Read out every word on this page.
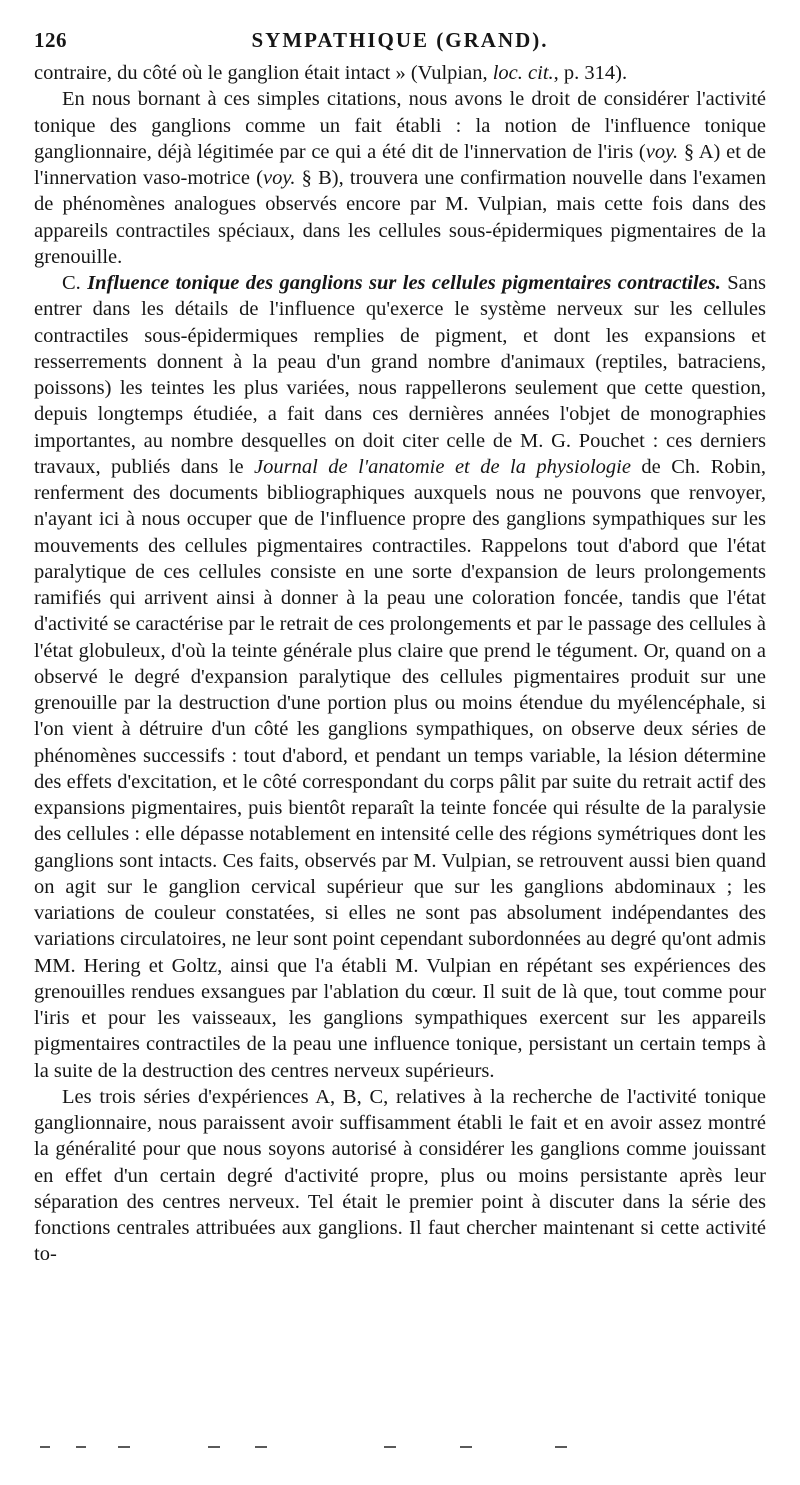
126	SYMPATHIQUE (GRAND).

contraire, du côté où le ganglion était intact » (Vulpian, loc. cit., p. 314).

En nous bornant à ces simples citations, nous avons le droit de considérer l'activité tonique des ganglions comme un fait établi : la notion de l'influence tonique ganglionnaire, déjà légitimée par ce qui a été dit de l'innervation de l'iris (voy. § A) et de l'innervation vaso-motrice (voy. § B), trouvera une confirmation nouvelle dans l'examen de phénomènes analogues observés encore par M. Vulpian, mais cette fois dans des appareils contractiles spéciaux, dans les cellules sous-épidermiques pigmentaires de la grenouille.

C. Influence tonique des ganglions sur les cellules pigmentaires contractiles. Sans entrer dans les détails de l'influence qu'exerce le système nerveux sur les cellules contractiles sous-épidermiques remplies de pigment, et dont les expansions et resserrements donnent à la peau d'un grand nombre d'animaux (reptiles, batraciens, poissons) les teintes les plus variées, nous rappellerons seulement que cette question, depuis longtemps étudiée, a fait dans ces dernières années l'objet de monographies importantes, au nombre desquelles on doit citer celle de M. G. Pouchet : ces derniers travaux, publiés dans le Journal de l'anatomie et de la physiologie de Ch. Robin, renferment des documents bibliographiques auxquels nous ne pouvons que renvoyer, n'ayant ici à nous occuper que de l'influence propre des ganglions sympathiques sur les mouvements des cellules pigmentaires contractiles. Rappelons tout d'abord que l'état paralytique de ces cellules consiste en une sorte d'expansion de leurs prolongements ramifiés qui arrivent ainsi à donner à la peau une coloration foncée, tandis que l'état d'activité se caractérise par le retrait de ces prolongements et par le passage des cellules à l'état globuleux, d'où la teinte générale plus claire que prend le tégument. Or, quand on a observé le degré d'expansion paralytique des cellules pigmentaires produit sur une grenouille par la destruction d'une portion plus ou moins étendue du myélencéphale, si l'on vient à détruire d'un côté les ganglions sympathiques, on observe deux séries de phénomènes successifs : tout d'abord, et pendant un temps variable, la lésion détermine des effets d'excitation, et le côté correspondant du corps pâlit par suite du retrait actif des expansions pigmentaires, puis bientôt reparaît la teinte foncée qui résulte de la paralysie des cellules : elle dépasse notablement en intensité celle des régions symétriques dont les ganglions sont intacts. Ces faits, observés par M. Vulpian, se retrouvent aussi bien quand on agit sur le ganglion cervical supérieur que sur les ganglions abdominaux ; les variations de couleur constatées, si elles ne sont pas absolument indépendantes des variations circulatoires, ne leur sont point cependant subordonnées au degré qu'ont admis MM. Hering et Goltz, ainsi que l'a établi M. Vulpian en répétant ses expériences des grenouilles rendues exsangues par l'ablation du cœur. Il suit de là que, tout comme pour l'iris et pour les vaisseaux, les ganglions sympathiques exercent sur les appareils pigmentaires contractiles de la peau une influence tonique, persistant un certain temps à la suite de la destruction des centres nerveux supérieurs.

Les trois séries d'expériences A, B, C, relatives à la recherche de l'activité tonique ganglionnaire, nous paraissent avoir suffisamment établi le fait et en avoir assez montré la généralité pour que nous soyons autorisé à considérer les ganglions comme jouissant en effet d'un certain degré d'activité propre, plus ou moins persistante après leur séparation des centres nerveux. Tel était le premier point à discuter dans la série des fonctions centrales attribuées aux ganglions. Il faut chercher maintenant si cette activité to-
